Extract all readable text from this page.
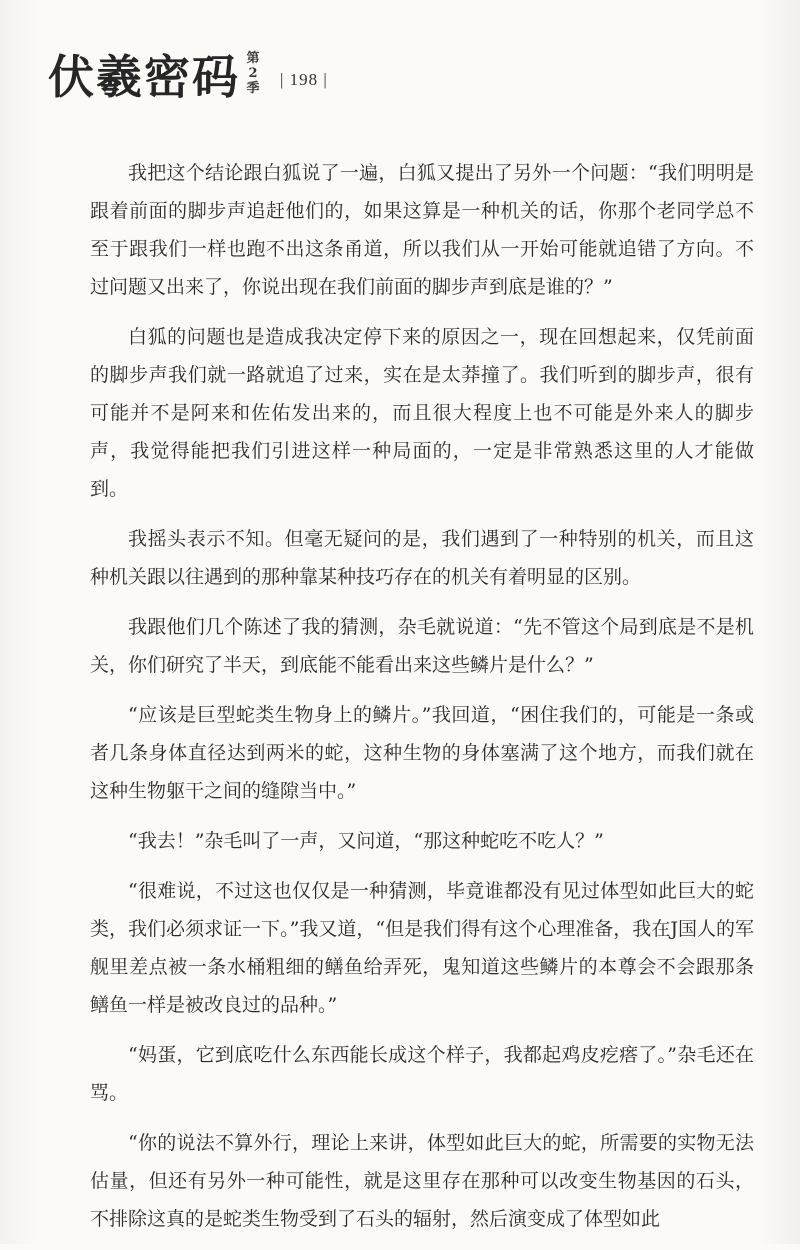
伏羲密码 第2季 | 198 |

我把这个结论跟白狐说了一遍，白狐又提出了另外一个问题：“我们明明是跟着前面的脚步声追赶他们的，如果这算是一种机关的话，你那个老同学总不至于跟我们一样也跑不出这条甬道，所以我们从一开始可能就追错了方向。不过问题又出来了，你说出现在我们前面的脚步声到底是谁的？”

白狐的问题也是造成我决定停下来的原因之一，现在回想起来，仅凭前面的脚步声我们就一路就追了过来，实在是太莽撞了。我们听到的脚步声，很有可能并不是阿来和佐佑发出来的，而且很大程度上也不可能是外来人的脚步声，我觉得能把我们引进这样一种局面的，一定是非常熟悉这里的人才能做到。

我摇头表示不知。但毫无疑问的是，我们遇到了一种特别的机关，而且这种机关跟以往遇到的那种靠某种技巧存在的机关有着明显的区别。

我跟他们几个陈述了我的猜测，杂毛就说道：“先不管这个局到底是不是机关，你们研究了半天，到底能不能看出来这些鳞片是什么？”

“应该是巨型蛇类生物身上的鳞片。”我回道，“困住我们的，可能是一条或者几条身体直径达到两米的蛇，这种生物的身体塞满了这个地方，而我们就在这种生物躯干之间的缝隙当中。”

“我去！”杂毛叫了一声，又问道，“那这种蛇吃不吃人？”

“很难说，不过这也仅仅是一种猜测，毕竟谁都没有见过体型如此巨大的蛇类，我们必须求证一下。”我又道，“但是我们得有这个心理准备，我在J国人的军舰里差点被一条水桶粗细的鳝鱼给弄死，鬼知道这些鳞片的本尊会不会跟那条鳝鱼一样是被改良过的品种。”

“妈蛋，它到底吃什么东西能长成这个样子，我都起鸡皮疙瘩了。”杂毛还在骂。

“你的说法不算外行，理论上来讲，体型如此巨大的蛇，所需要的实物无法估量，但还有另外一种可能性，就是这里存在那种可以改变生物基因的石头，不排除这真的是蛇类生物受到了石头的辐射，然后演变成了体型如此
